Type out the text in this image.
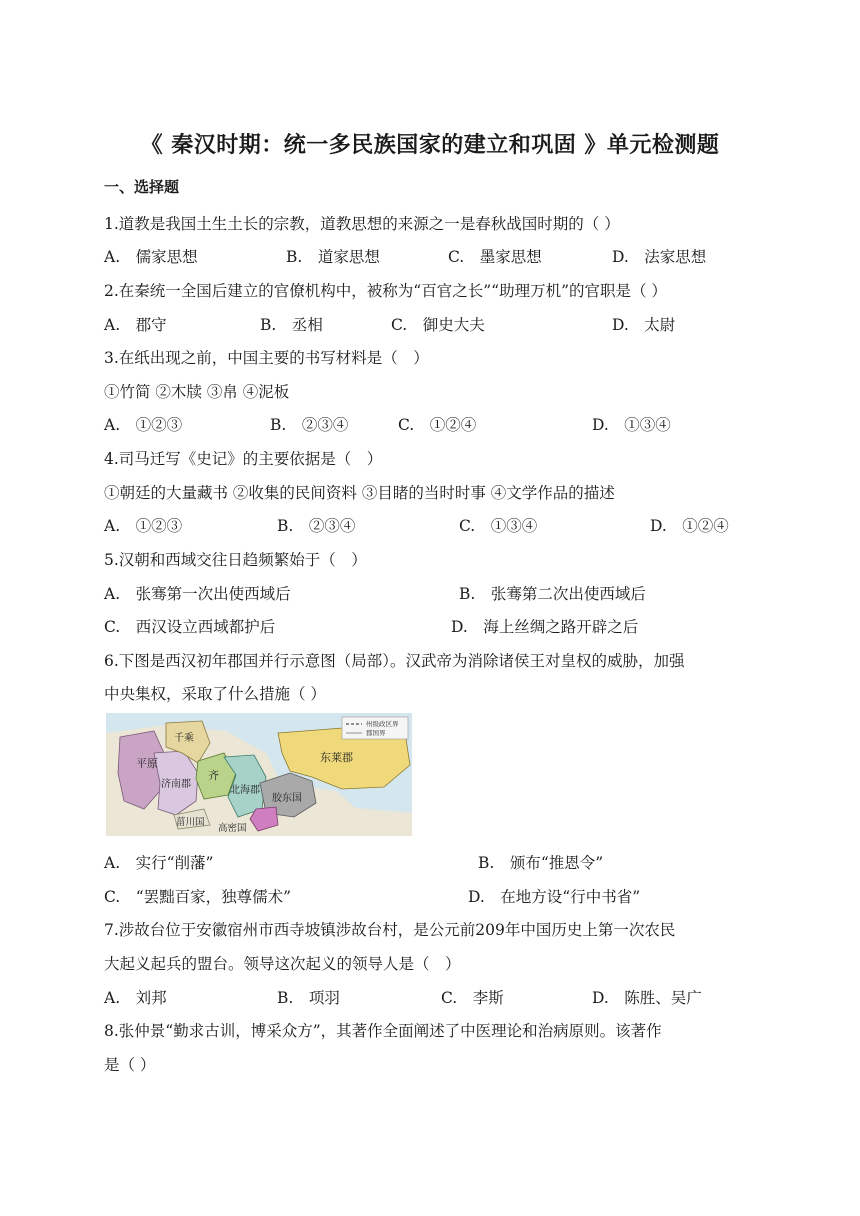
《 秦汉时期：统一多民族国家的建立和巩固 》单元检测题
一、选择题
1.道教是我国土生土长的宗教，道教思想的来源之一是春秋战国时期的（ ）
A.　儒家思想	B.　道家思想	C.　墨家思想	D.　法家思想
2.在秦统一全国后建立的官僚机构中，被称为“百官之长”“助理万机”的官职是（ ）
A.　郡守	B.　丞相	C.　御史大夫	D.　太尉
3.在纸出现之前，中国主要的书写材料是（　）
①竹简 ②木牍 ③帛 ④泥板
A.　①②③	B.　②③④	C.　①②④	D.　①③④
4.司马迁写《史记》的主要依据是（　）
①朝廷的大量藏书 ②收集的民间资料 ③目睹的当时时事 ④文学作品的描述
A.　①②③	B.　②③④	C.　①③④	D.　①②④
5.汉朝和西域交往日趋频繁始于（　）
A.　张骞第一次出使西域后	B.　张骞第二次出使西域后
C.　西汉设立西域都护后	D.　海上丝绸之路开辟之后
6.下图是西汉初年郡国并行示意图（局部）。汉武帝为消除诸侯王对皇权的威胁，加强
中央集权，采取了什么措施（ ）
州级政区界
郡国界
平原
千乘
济南郡
齐
北海郡
胶东国
东莱郡
菑川国
高密国
A.　实行“削藩”	B.　颁布“推恩令”
C.　“罢黜百家，独尊儒术”	D.　在地方设“行中书省”
7.涉故台位于安徽宿州市西寺坡镇涉故台村，是公元前209年中国历史上第一次农民
大起义起兵的盟台。领导这次起义的领导人是（　）
A.　刘邦	B.　项羽	C.　李斯	D.　陈胜、吴广
8.张仲景“勤求古训，博采众方”，其著作全面阐述了中医理论和治病原则。该著作
是（ ）
